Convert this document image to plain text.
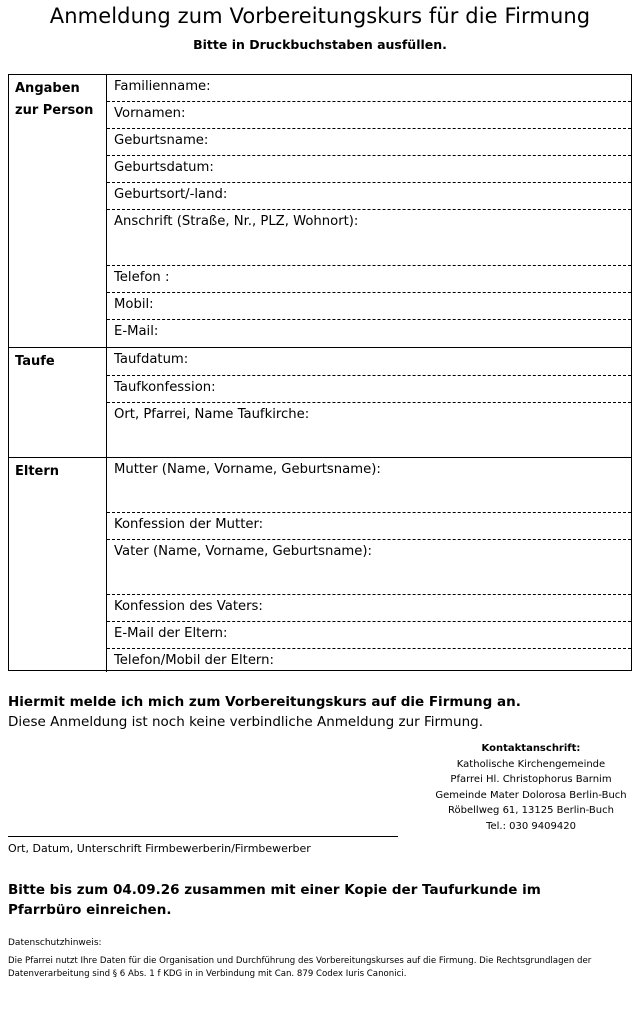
Anmeldung zum Vorbereitungskurs für die Firmung
Bitte in Druckbuchstaben ausfüllen.
Angaben zur Person
Familienname:
Vornamen:
Geburtsname:
Geburtsdatum:
Geburtsort/-land:
Anschrift (Straße, Nr., PLZ, Wohnort):
Telefon :
Mobil:
E-Mail:
Taufe	Taufdatum:
Taufkonfession:
Ort, Pfarrei, Name Taufkirche:
Eltern	Mutter (Name, Vorname, Geburtsname):
Konfession der Mutter:
Vater (Name, Vorname, Geburtsname):
Konfession des Vaters:
E-Mail der Eltern:
Telefon/Mobil der Eltern:
Hiermit melde ich mich zum Vorbereitungskurs auf die Firmung an.
Diese Anmeldung ist noch keine verbindliche Anmeldung zur Firmung.
Kontaktanschrift:
Katholische Kirchengemeinde
Pfarrei Hl. Christophorus Barnim
Gemeinde Mater Dolorosa Berlin-Buch
Röbellweg 61, 13125 Berlin-Buch
Tel.: 030 9409420
Ort, Datum, Unterschrift Firmbewerberin/Firmbewerber
Bitte bis zum 04.09.26 zusammen mit einer Kopie der Taufurkunde im Pfarrbüro einreichen.
Datenschutzhinweis:
Die Pfarrei nutzt Ihre Daten für die Organisation und Durchführung des Vorbereitungskurses auf die Firmung. Die Rechtsgrundlagen der Datenverarbeitung sind § 6 Abs. 1 f KDG in in Verbindung mit Can. 879 Codex Iuris Canonici.
